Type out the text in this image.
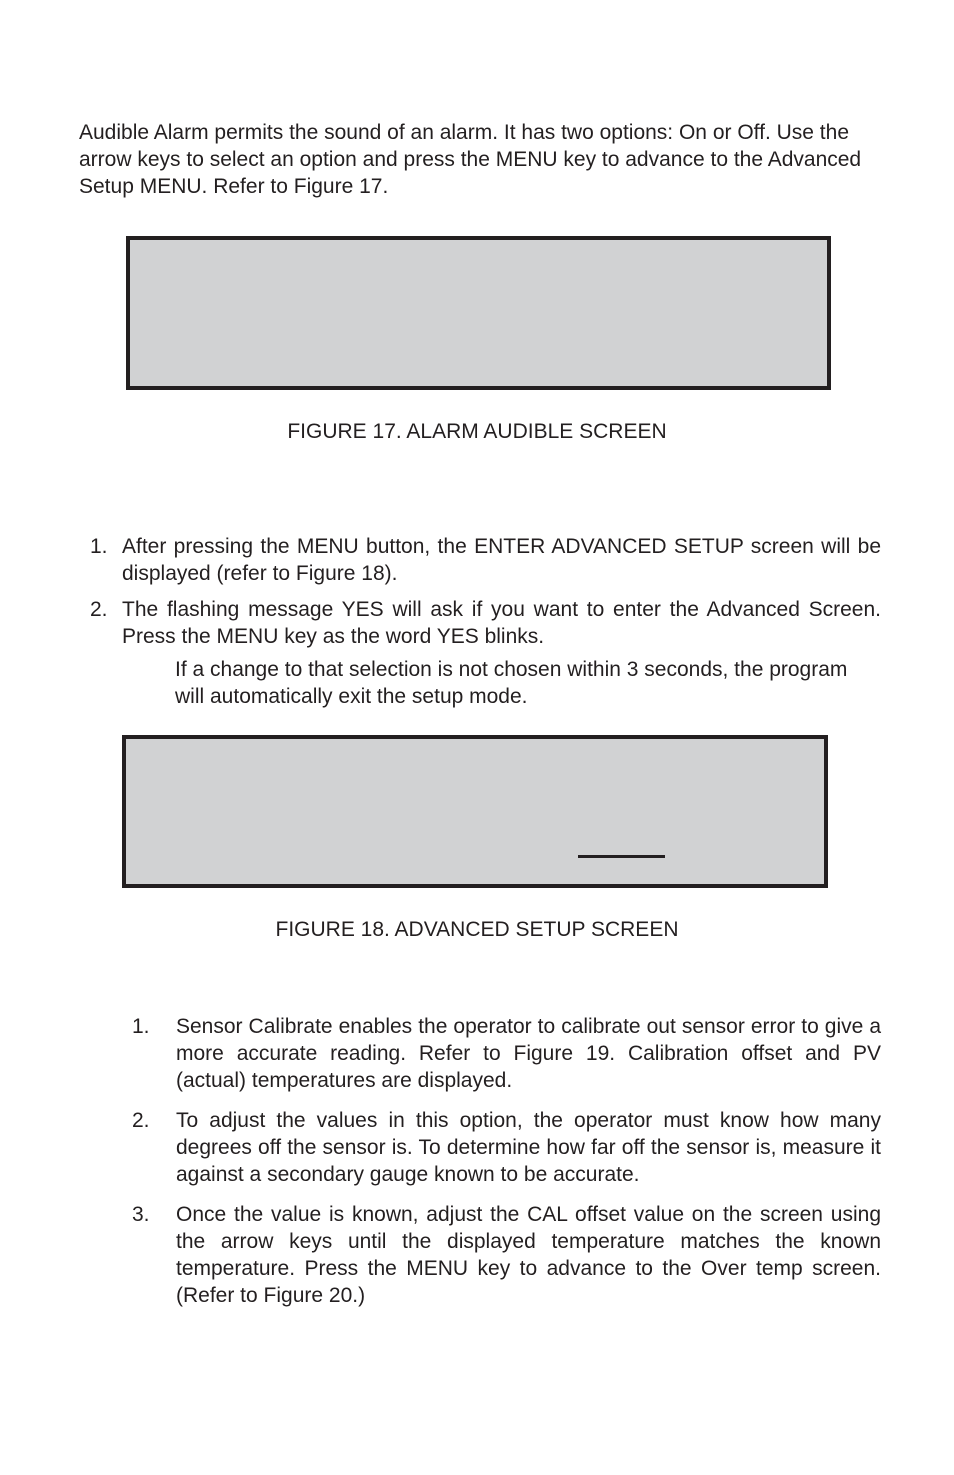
Audible Alarm permits the sound of an alarm. It has two options: On or Off. Use the arrow keys to select an option and press the MENU key to advance to the Advanced Setup MENU. Refer to Figure 17.

FIGURE 17. ALARM AUDIBLE SCREEN

1. After pressing the MENU button, the ENTER ADVANCED SETUP screen will be displayed (refer to Figure 18).
2. The flashing message YES will ask if you want to enter the Advanced Screen. Press the MENU key as the word YES blinks.

If a change to that selection is not chosen within 3 seconds, the program will automatically exit the setup mode.

FIGURE 18. ADVANCED SETUP SCREEN

1. Sensor Calibrate enables the operator to calibrate out sensor error to give a more accurate reading. Refer to Figure 19. Calibration offset and PV (actual) temperatures are displayed.
2. To adjust the values in this option, the operator must know how many degrees off the sensor is. To determine how far off the sensor is, measure it against a secondary gauge known to be accurate.
3. Once the value is known, adjust the CAL offset value on the screen using the arrow keys until the displayed temperature matches the known temperature. Press the MENU key to advance to the Over temp screen. (Refer to Figure 20.)
